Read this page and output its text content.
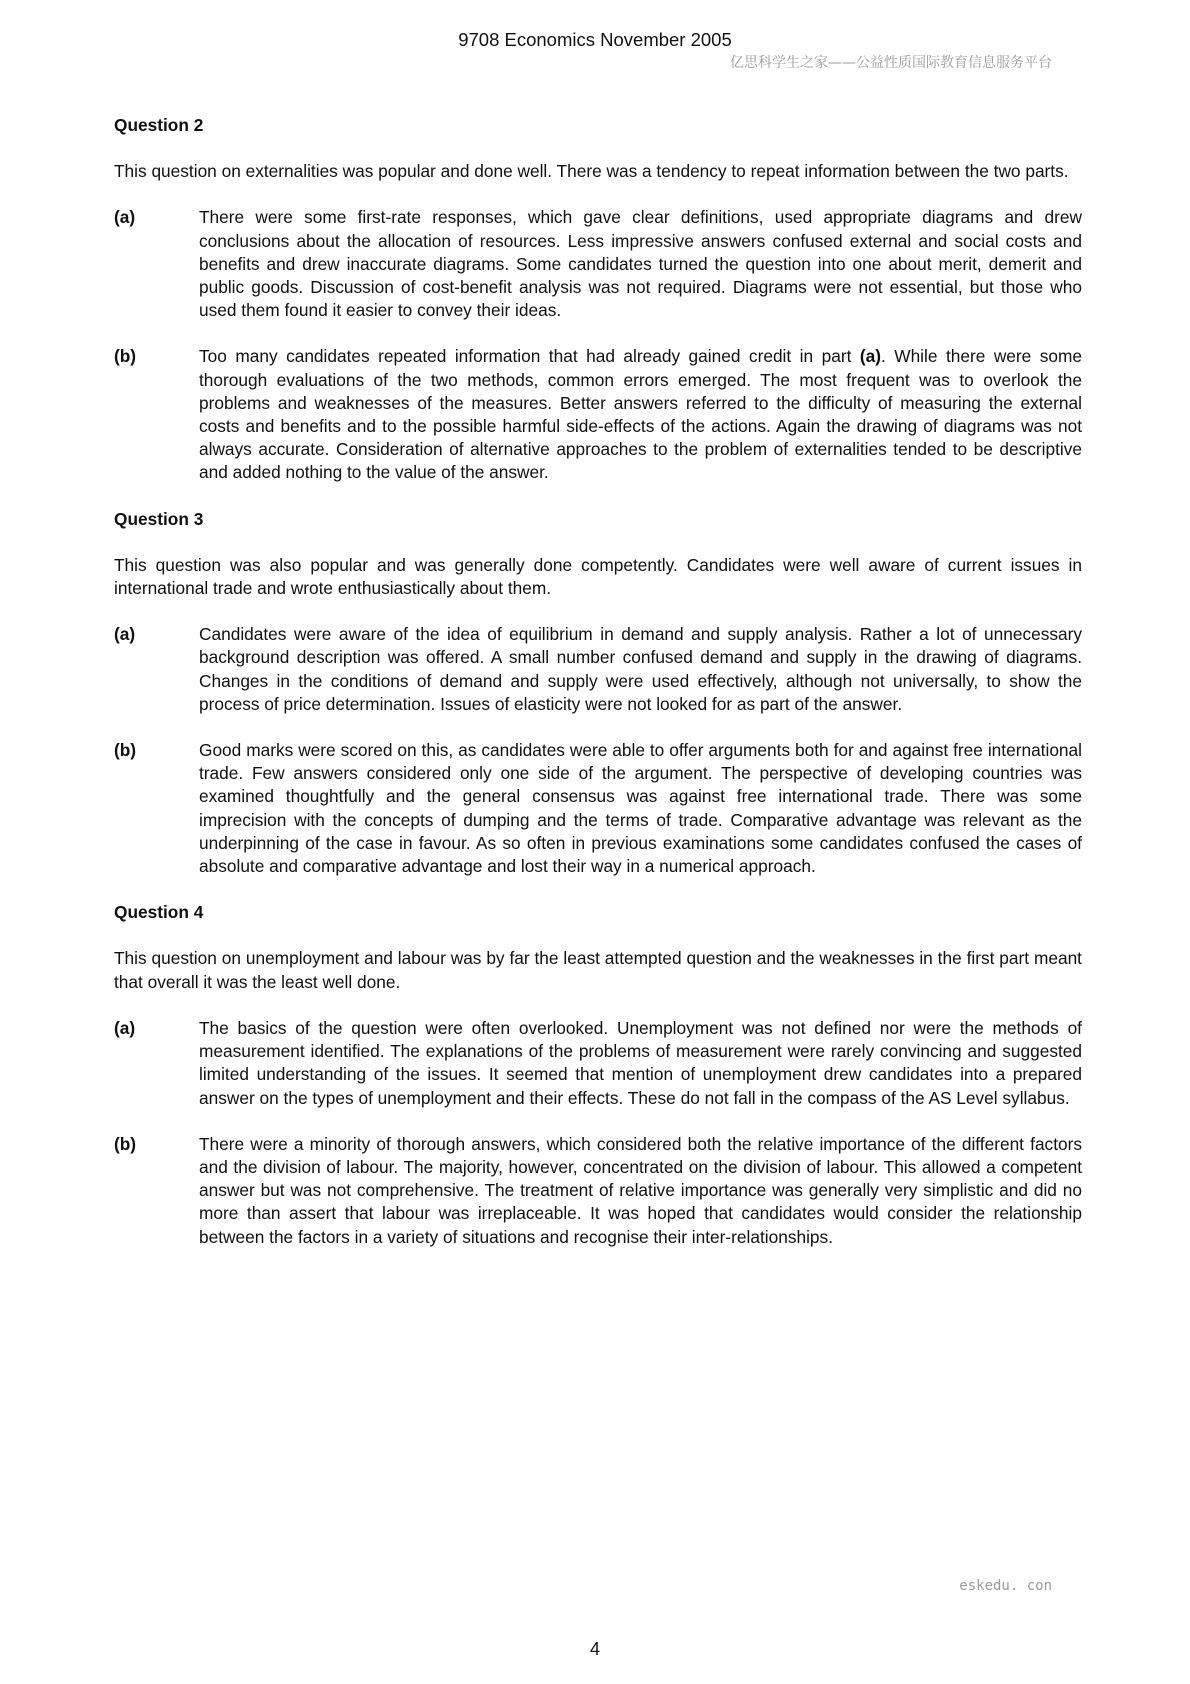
9708 Economics November 2005
亿思科学生之家——公益性质国际教育信息服务平台
Question 2
This question on externalities was popular and done well. There was a tendency to repeat information between the two parts.
(a)	There were some first-rate responses, which gave clear definitions, used appropriate diagrams and drew conclusions about the allocation of resources. Less impressive answers confused external and social costs and benefits and drew inaccurate diagrams. Some candidates turned the question into one about merit, demerit and public goods. Discussion of cost-benefit analysis was not required. Diagrams were not essential, but those who used them found it easier to convey their ideas.
(b)	Too many candidates repeated information that had already gained credit in part (a). While there were some thorough evaluations of the two methods, common errors emerged. The most frequent was to overlook the problems and weaknesses of the measures. Better answers referred to the difficulty of measuring the external costs and benefits and to the possible harmful side-effects of the actions. Again the drawing of diagrams was not always accurate. Consideration of alternative approaches to the problem of externalities tended to be descriptive and added nothing to the value of the answer.
Question 3
This question was also popular and was generally done competently. Candidates were well aware of current issues in international trade and wrote enthusiastically about them.
(a)	Candidates were aware of the idea of equilibrium in demand and supply analysis. Rather a lot of unnecessary background description was offered. A small number confused demand and supply in the drawing of diagrams. Changes in the conditions of demand and supply were used effectively, although not universally, to show the process of price determination. Issues of elasticity were not looked for as part of the answer.
(b)	Good marks were scored on this, as candidates were able to offer arguments both for and against free international trade. Few answers considered only one side of the argument. The perspective of developing countries was examined thoughtfully and the general consensus was against free international trade. There was some imprecision with the concepts of dumping and the terms of trade. Comparative advantage was relevant as the underpinning of the case in favour. As so often in previous examinations some candidates confused the cases of absolute and comparative advantage and lost their way in a numerical approach.
Question 4
This question on unemployment and labour was by far the least attempted question and the weaknesses in the first part meant that overall it was the least well done.
(a)	The basics of the question were often overlooked. Unemployment was not defined nor were the methods of measurement identified. The explanations of the problems of measurement were rarely convincing and suggested limited understanding of the issues. It seemed that mention of unemployment drew candidates into a prepared answer on the types of unemployment and their effects. These do not fall in the compass of the AS Level syllabus.
(b)	There were a minority of thorough answers, which considered both the relative importance of the different factors and the division of labour. The majority, however, concentrated on the division of labour. This allowed a competent answer but was not comprehensive. The treatment of relative importance was generally very simplistic and did no more than assert that labour was irreplaceable. It was hoped that candidates would consider the relationship between the factors in a variety of situations and recognise their inter-relationships.
eskedu. con
4
